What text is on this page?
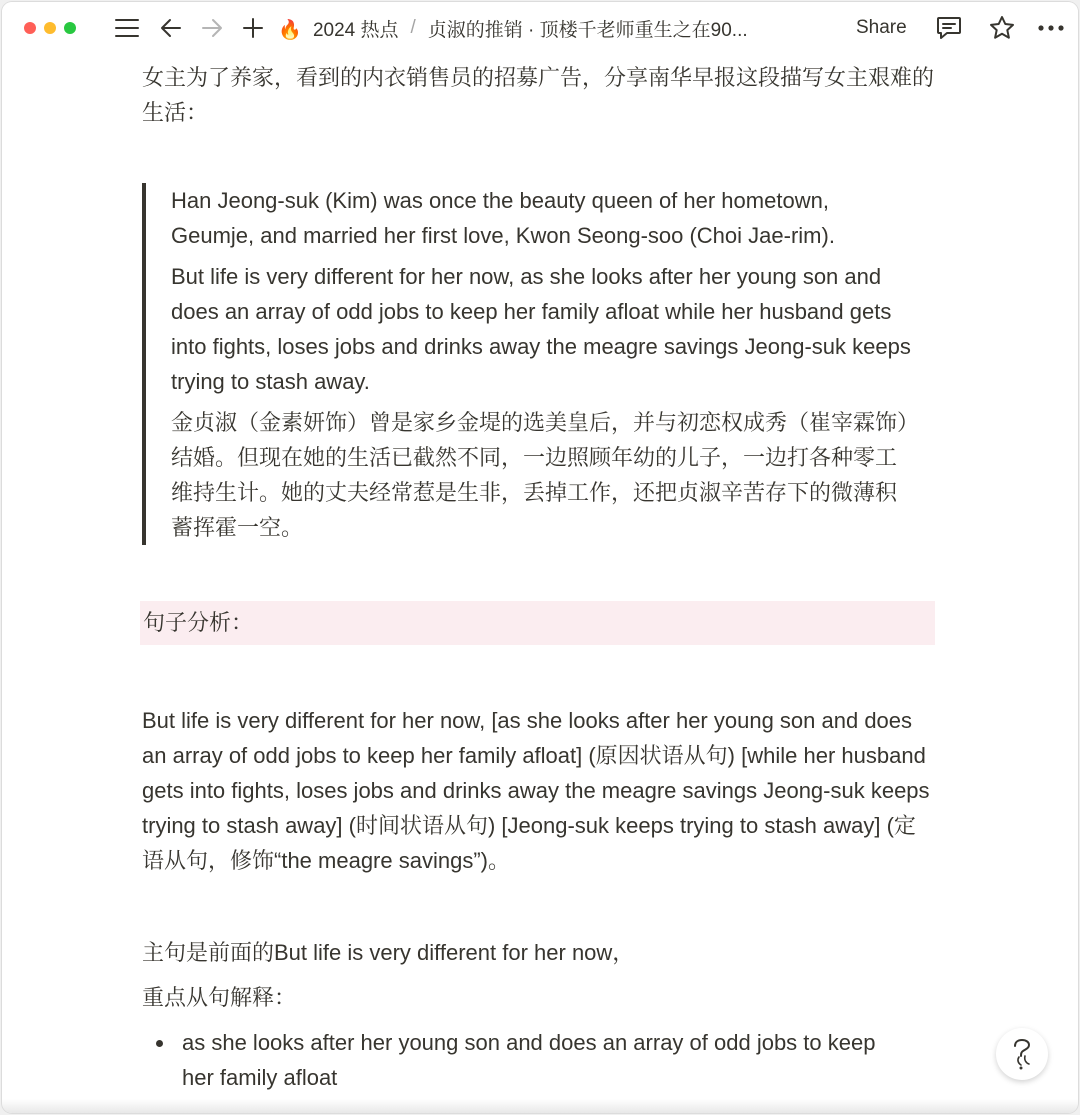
🔥 2024 热点 / 贞淑的推销 · 顶楼千老师重生之在90...	Share

女主为了养家，看到的内衣销售员的招募广告，分享南华早报这段描写女主艰难的生活：

Han Jeong-suk (Kim) was once the beauty queen of her hometown, Geumje, and married her first love, Kwon Seong-soo (Choi Jae-rim).

But life is very different for her now, as she looks after her young son and does an array of odd jobs to keep her family afloat while her husband gets into fights, loses jobs and drinks away the meagre savings Jeong-suk keeps trying to stash away.

金贞淑（金素妍饰）曾是家乡金堤的选美皇后，并与初恋权成秀（崔宰霖饰）结婚。但现在她的生活已截然不同，一边照顾年幼的儿子，一边打各种零工维持生计。她的丈夫经常惹是生非，丢掉工作，还把贞淑辛苦存下的微薄积蓄挥霍一空。

句子分析：

But life is very different for her now, [as she looks after her young son and does an array of odd jobs to keep her family afloat] (原因状语从句) [while her husband gets into fights, loses jobs and drinks away the meagre savings Jeong-suk keeps trying to stash away] (时间状语从句) [Jeong-suk keeps trying to stash away] (定语从句，修饰“the meagre savings”)。

主句是前面的But life is very different for her now，

重点从句解释：

as she looks after her young son and does an array of odd jobs to keep her family afloat
